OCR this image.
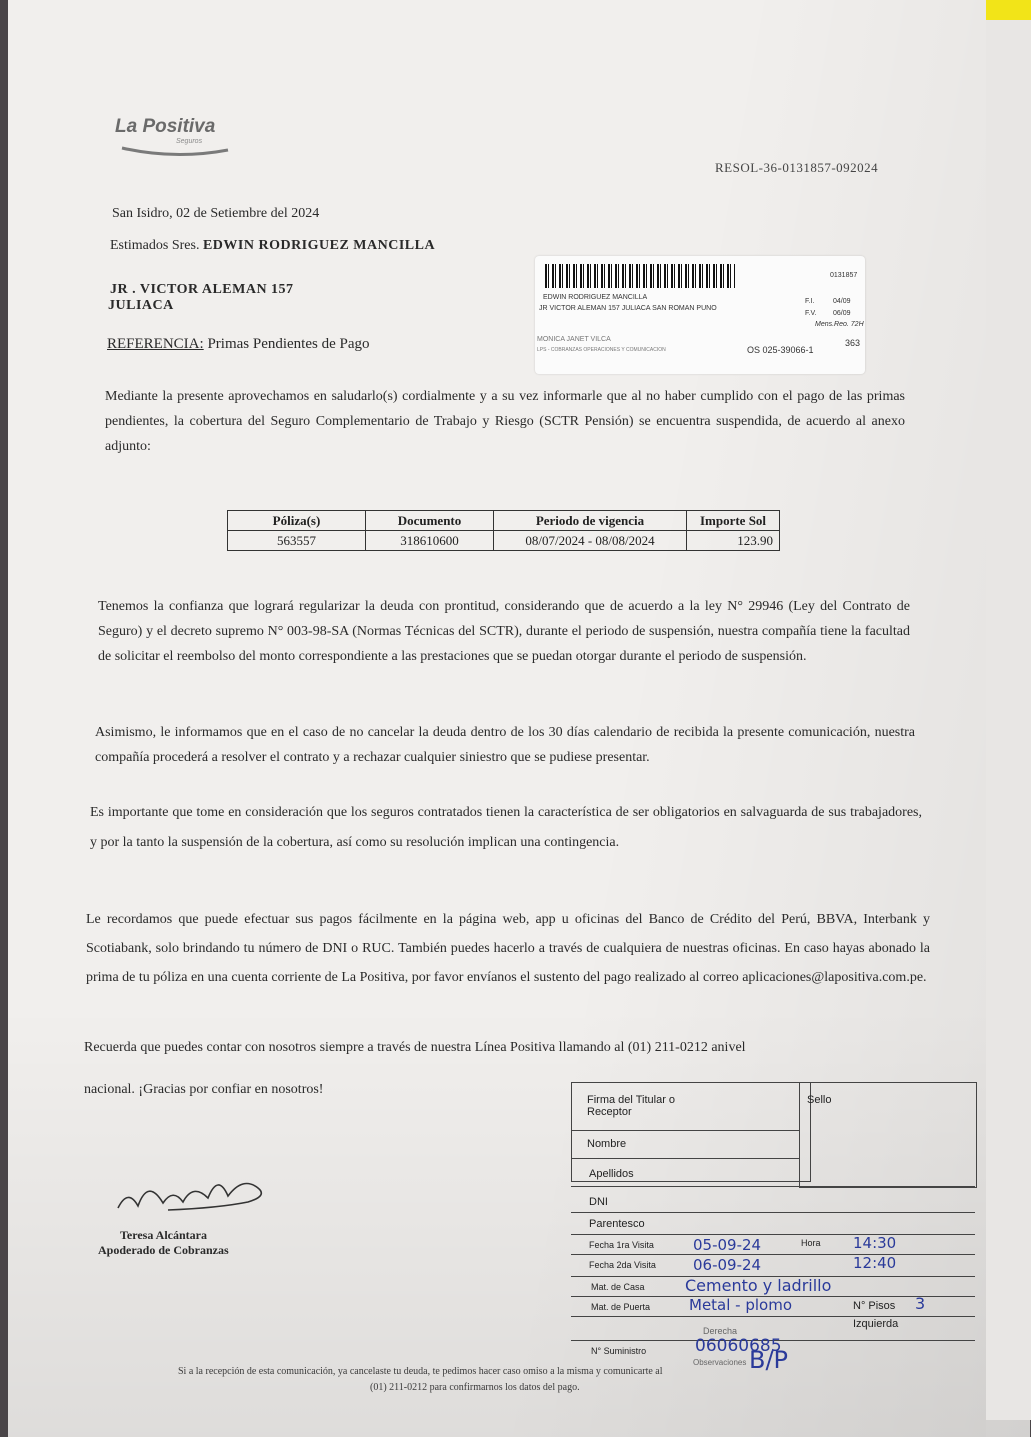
La Positiva
Seguros
RESOL-36-0131857-092024
San Isidro, 02 de Setiembre del 2024
Estimados Sres. EDWIN RODRIGUEZ MANCILLA
JR . VICTOR ALEMAN 157
JULIACA
REFERENCIA: Primas Pendientes de Pago
0131857
EDWIN RODRIGUEZ MANCILLA
JR VICTOR ALEMAN 157 JULIACA SAN ROMAN PUNO
F.I.	04/09
F.V. 06/09
Mens.Reo. 72H
MONICA JANET VILCA
LPS - COBRANZAS OPERACIONES Y COMUNICACION	OS 025-39066-1
363
Mediante la presente aprovechamos en saludarlo(s) cordialmente y a su vez informarle que al no haber cumplido con el pago de las primas pendientes, la cobertura del Seguro Complementario de Trabajo y Riesgo (SCTR Pensión) se encuentra suspendida, de acuerdo al anexo adjunto:
Póliza(s)	Documento	Periodo de vigencia	Importe Sol
563557	318610600	08/07/2024 - 08/08/2024	123.90
Tenemos la confianza que logrará regularizar la deuda con prontitud, considerando que de acuerdo a la ley N° 29946 (Ley del Contrato de Seguro) y el decreto supremo N° 003-98-SA (Normas Técnicas del SCTR), durante el periodo de suspensión, nuestra compañía tiene la facultad de solicitar el reembolso del monto correspondiente a las prestaciones que se puedan otorgar durante el periodo de suspensión.
Asimismo, le informamos que en el caso de no cancelar la deuda dentro de los 30 días calendario de recibida la presente comunicación, nuestra compañía procederá a resolver el contrato y a rechazar cualquier siniestro que se pudiese presentar.
Es importante que tome en consideración que los seguros contratados tienen la característica de ser obligatorios en salvaguarda de sus trabajadores, y por la tanto la suspensión de la cobertura, así como su resolución implican una contingencia.
Le recordamos que puede efectuar sus pagos fácilmente en la página web, app u oficinas del Banco de Crédito del Perú, BBVA, Interbank y Scotiabank, solo brindando tu número de DNI o RUC. También puedes hacerlo a través de cualquiera de nuestras oficinas. En caso hayas abonado la prima de tu póliza en una cuenta corriente de La Positiva, por favor envíanos el sustento del pago realizado al correo aplicaciones@lapositiva.com.pe.
Recuerda que puedes contar con nosotros siempre a través de nuestra Línea Positiva llamando al (01) 211-0212 anivel
nacional. ¡Gracias por confiar en nosotros!
Teresa Alcántara
Apoderado de Cobranzas
Firma del Titular o Receptor
Sello
Nombre
Apellidos
DNI
Parentesco
Fecha 1ra Visita	05-09-24	Hora 14:30
Fecha 2da Visita 06-09-24	12:40
Mat. de Casa	Cemento y ladrillo
Mat. de Puerta	Metal - plomo	N° Pisos 3
Izquierda
Derecha
N° Suministro	06060685
Observaciones B/P
Si a la recepción de esta comunicación, ya cancelaste tu deuda, te pedimos hacer caso omiso a la misma y comunicarte al
(01) 211-0212 para confirmarnos los datos del pago.
